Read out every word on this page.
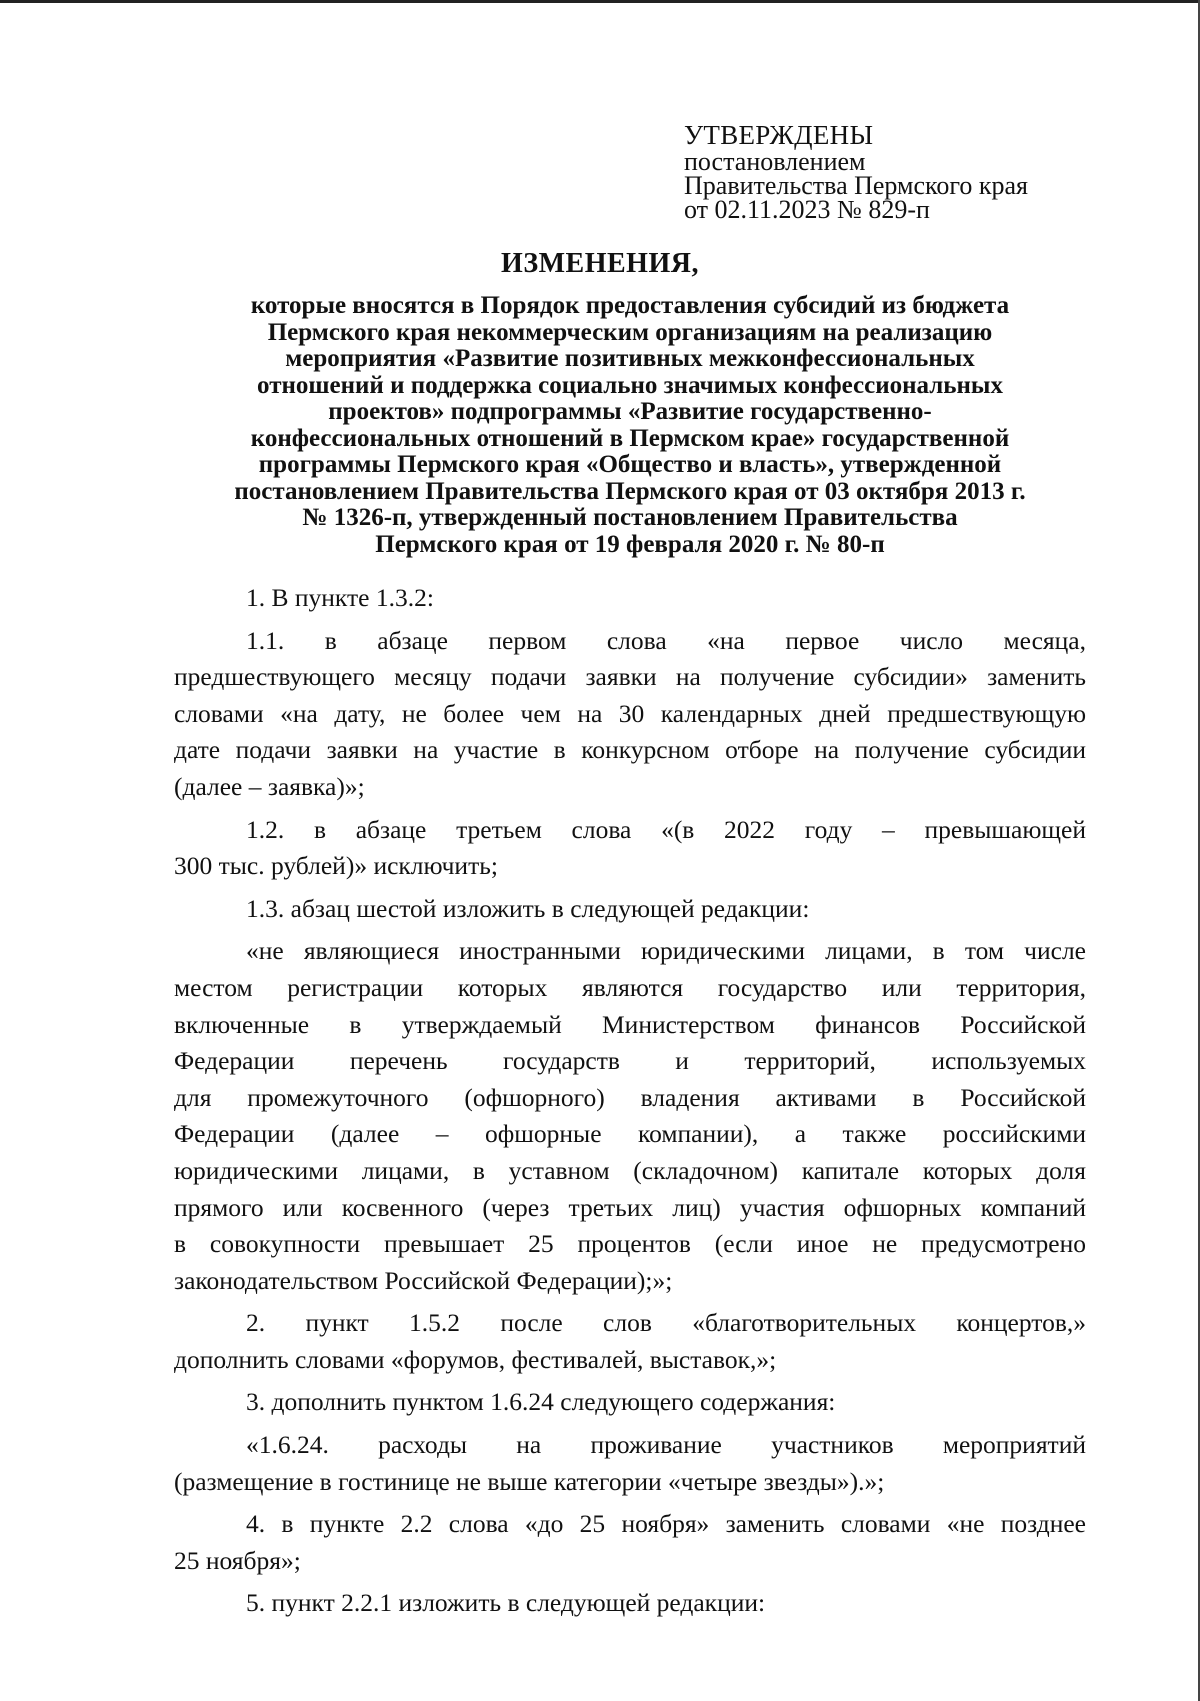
УТВЕРЖДЕНЫ
постановлением
Правительства Пермского края
от 02.11.2023 № 829-п
ИЗМЕНЕНИЯ,
которые вносятся в Порядок предоставления субсидий из бюджета
Пермского края некоммерческим организациям на реализацию
мероприятия «Развитие позитивных межконфессиональных
отношений и поддержка социально значимых конфессиональных
проектов» подпрограммы «Развитие государственно-
конфессиональных отношений в Пермском крае» государственной
программы Пермского края «Общество и власть», утвержденной
постановлением Правительства Пермского края от 03 октября 2013 г.
№ 1326-п, утвержденный постановлением Правительства
Пермского края от 19 февраля 2020 г. № 80-п
1. В пункте 1.3.2:
1.1. в абзаце первом слова «на первое число месяца,
предшествующего месяцу подачи заявки на получение субсидии» заменить
словами «на дату, не более чем на 30 календарных дней предшествующую
дате подачи заявки на участие в конкурсном отборе на получение субсидии
(далее – заявка)»;
1.2. в абзаце третьем слова «(в 2022 году – превышающей
300 тыс. рублей)» исключить;
1.3. абзац шестой изложить в следующей редакции:
«не являющиеся иностранными юридическими лицами, в том числе
местом регистрации которых являются государство или территория,
включенные в утверждаемый Министерством финансов Российской
Федерации перечень государств и территорий, используемых
для промежуточного (офшорного) владения активами в Российской
Федерации (далее – офшорные компании), а также российскими
юридическими лицами, в уставном (складочном) капитале которых доля
прямого или косвенного (через третьих лиц) участия офшорных компаний
в совокупности превышает 25 процентов (если иное не предусмотрено
законодательством Российской Федерации);»;
2. пункт 1.5.2 после слов «благотворительных концертов,»
дополнить словами «форумов, фестивалей, выставок,»;
3. дополнить пунктом 1.6.24 следующего содержания:
«1.6.24. расходы на проживание участников мероприятий
(размещение в гостинице не выше категории «четыре звезды»).»;
4. в пункте 2.2 слова «до 25 ноября» заменить словами «не позднее
25 ноября»;
5. пункт 2.2.1 изложить в следующей редакции:
